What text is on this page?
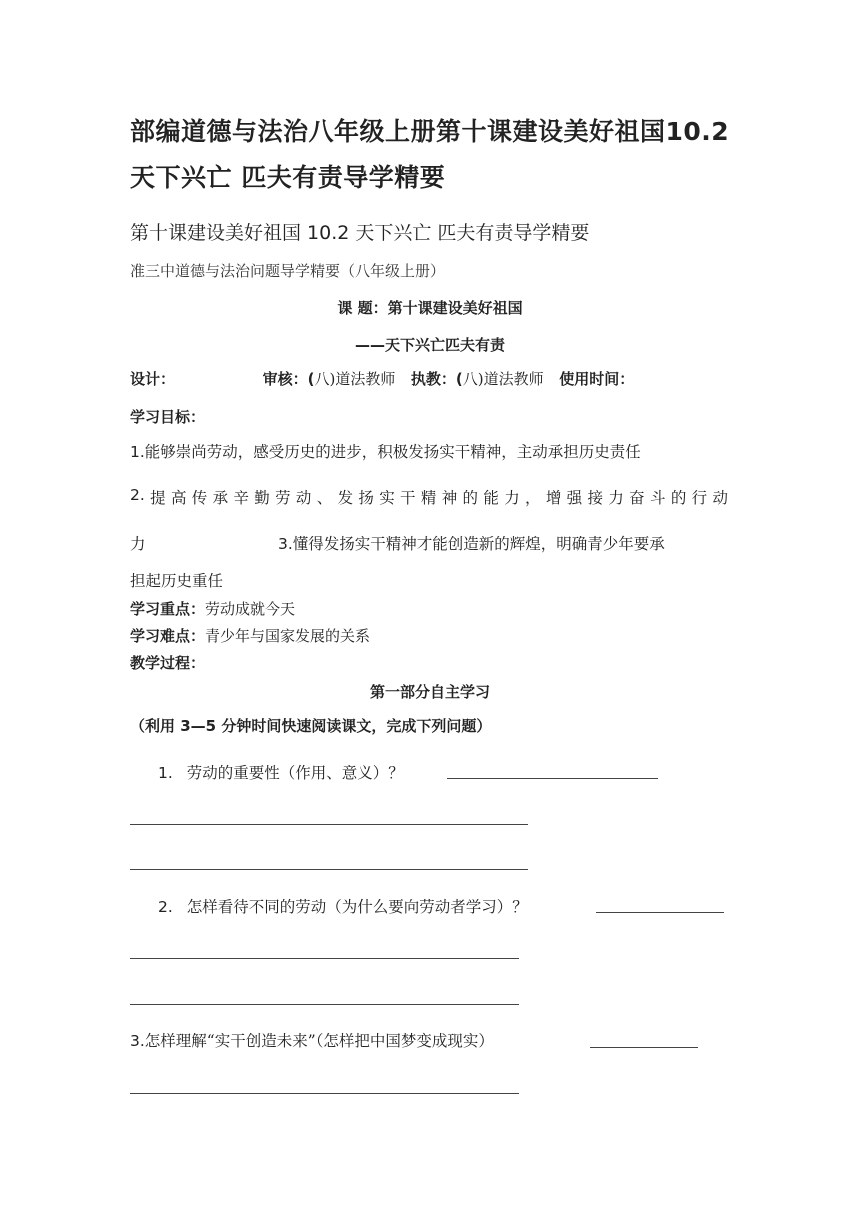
部编道德与法治八年级上册第十课建设美好祖国10.2
天下兴亡 匹夫有责导学精要
第十课建设美好祖国 10.2 天下兴亡 匹夫有责导学精要
准三中道德与法治问题导学精要（八年级上册）
课 题：第十课建设美好祖国
——天下兴亡匹夫有责
设计：	审核：(八)道法教师 执教：(八)道法教师 使用时间：
学习目标：
1.能够崇尚劳动，感受历史的进步，积极发扬实干精神，主动承担历史责任
2. 提 高 传 承 辛 勤 劳 动 、 发 扬 实 干 精 神 的 能 力 ， 增 强 接 力 奋 斗 的 行 动
力	3.懂得发扬实干精神才能创造新的辉煌，明确青少年要承
担起历史重任
学习重点：劳动成就今天
学习难点：青少年与国家发展的关系
教学过程：
第一部分自主学习
（利用 3—5 分钟时间快速阅读课文，完成下列问题）
1. 劳动的重要性（作用、意义）？
2. 怎样看待不同的劳动（为什么要向劳动者学习）？
3.怎样理解“实干创造未来”（怎样把中国梦变成现实）
